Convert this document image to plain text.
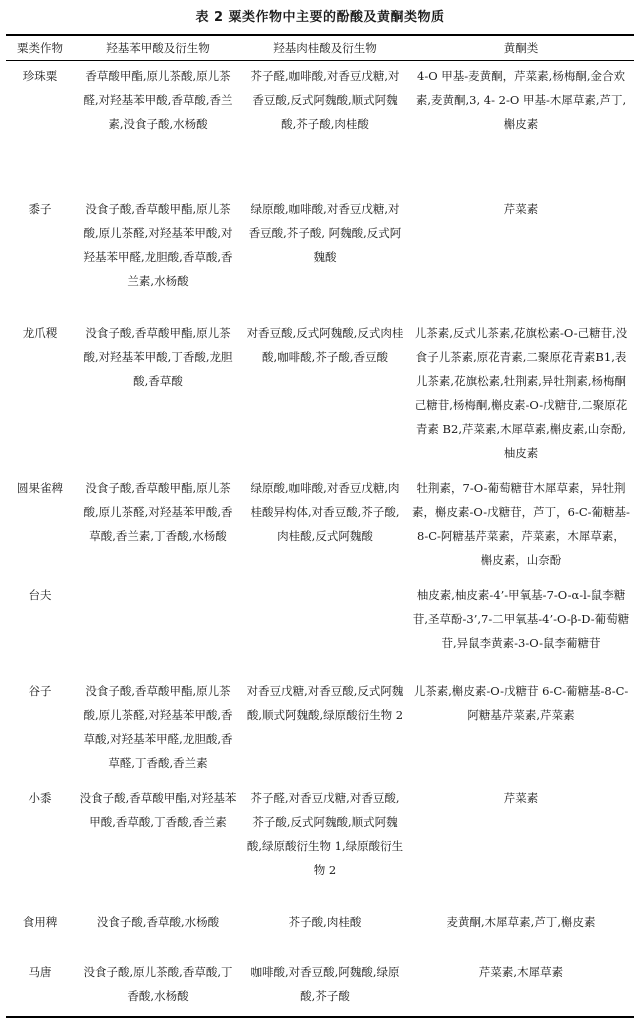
表 2 粟类作物中主要的酚酸及黄酮类物质
粟类作物	羟基苯甲酸及衍生物	羟基肉桂酸及衍生物	黄酮类
珍珠粟	香草酸甲酯,原儿茶酸,原儿茶醛,对羟基苯甲酸,香草酸,香兰素,没食子酸,水杨酸	芥子醛,咖啡酸,对香豆戊糖,对香豆酸,反式阿魏酸,顺式阿魏酸,芥子酸,肉桂酸	4-O 甲基-麦黄酮，芹菜素,杨梅酮,金合欢素,麦黄酮,3, 4- 2-O 甲基-木犀草素,芦丁,槲皮素
黍子	没食子酸,香草酸甲酯,原儿茶酸,原儿茶醛,对羟基苯甲酸,对羟基苯甲醛,龙胆酸,香草酸,香兰素,水杨酸	绿原酸,咖啡酸,对香豆戊糖,对香豆酸,芥子酸, 阿魏酸,反式阿魏酸	芹菜素
龙爪稷	没食子酸,香草酸甲酯,原儿茶酸,对羟基苯甲酸,丁香酸,龙胆酸,香草酸	对香豆酸,反式阿魏酸,反式肉桂酸,咖啡酸,芥子酸,香豆酸	儿茶素,反式儿茶素,花旗松素-O-己糖苷,没食子儿茶素,原花青素,二聚原花青素B1,表儿茶素,花旗松素,牡荆素,异牡荆素,杨梅酮己糖苷,杨梅酮,槲皮素-O-戊糖苷,二聚原花青素 B2,芹菜素,木犀草素,槲皮素,山奈酚,柚皮素
圆果雀稗	没食子酸,香草酸甲酯,原儿茶酸,原儿茶醛,对羟基苯甲酸,香草酸,香兰素,丁香酸,水杨酸	绿原酸,咖啡酸,对香豆戊糖,肉桂酸异构体,对香豆酸,芥子酸,肉桂酸,反式阿魏酸	牡荆素，7-O-葡萄糖苷木犀草素，异牡荆素，槲皮素-O-戊糖苷，芦丁，6-C-葡糖基-8-C-阿糖基芹菜素，芹菜素，木犀草素，槲皮素，山奈酚
台夫			柚皮素,柚皮素-4’-甲氧基-7-O-α-l-鼠李糖苷,圣草酚-3’,7-二甲氧基-4’-O-β-D-葡萄糖苷,异鼠李黄素-3-O-鼠李葡糖苷
谷子	没食子酸,香草酸甲酯,原儿茶酸,原儿茶醛,对羟基苯甲酸,香草酸,对羟基苯甲醛,龙胆酸,香草醛,丁香酸,香兰素	对香豆戊糖,对香豆酸,反式阿魏酸,顺式阿魏酸,绿原酸衍生物 2	儿茶素,槲皮素-O-戊糖苷 6-C-葡糖基-8-C-阿糖基芹菜素,芹菜素
小黍	没食子酸,香草酸甲酯,对羟基苯甲酸,香草酸,丁香酸,香兰素	芥子醛,对香豆戊糖,对香豆酸,芥子酸,反式阿魏酸,顺式阿魏酸,绿原酸衍生物 1,绿原酸衍生物 2	芹菜素
食用稗	没食子酸,香草酸,水杨酸	芥子酸,肉桂酸	麦黄酮,木犀草素,芦丁,槲皮素
马唐	没食子酸,原儿茶酸,香草酸,丁香酸,水杨酸	咖啡酸,对香豆酸,阿魏酸,绿原酸,芥子酸	芹菜素,木犀草素
